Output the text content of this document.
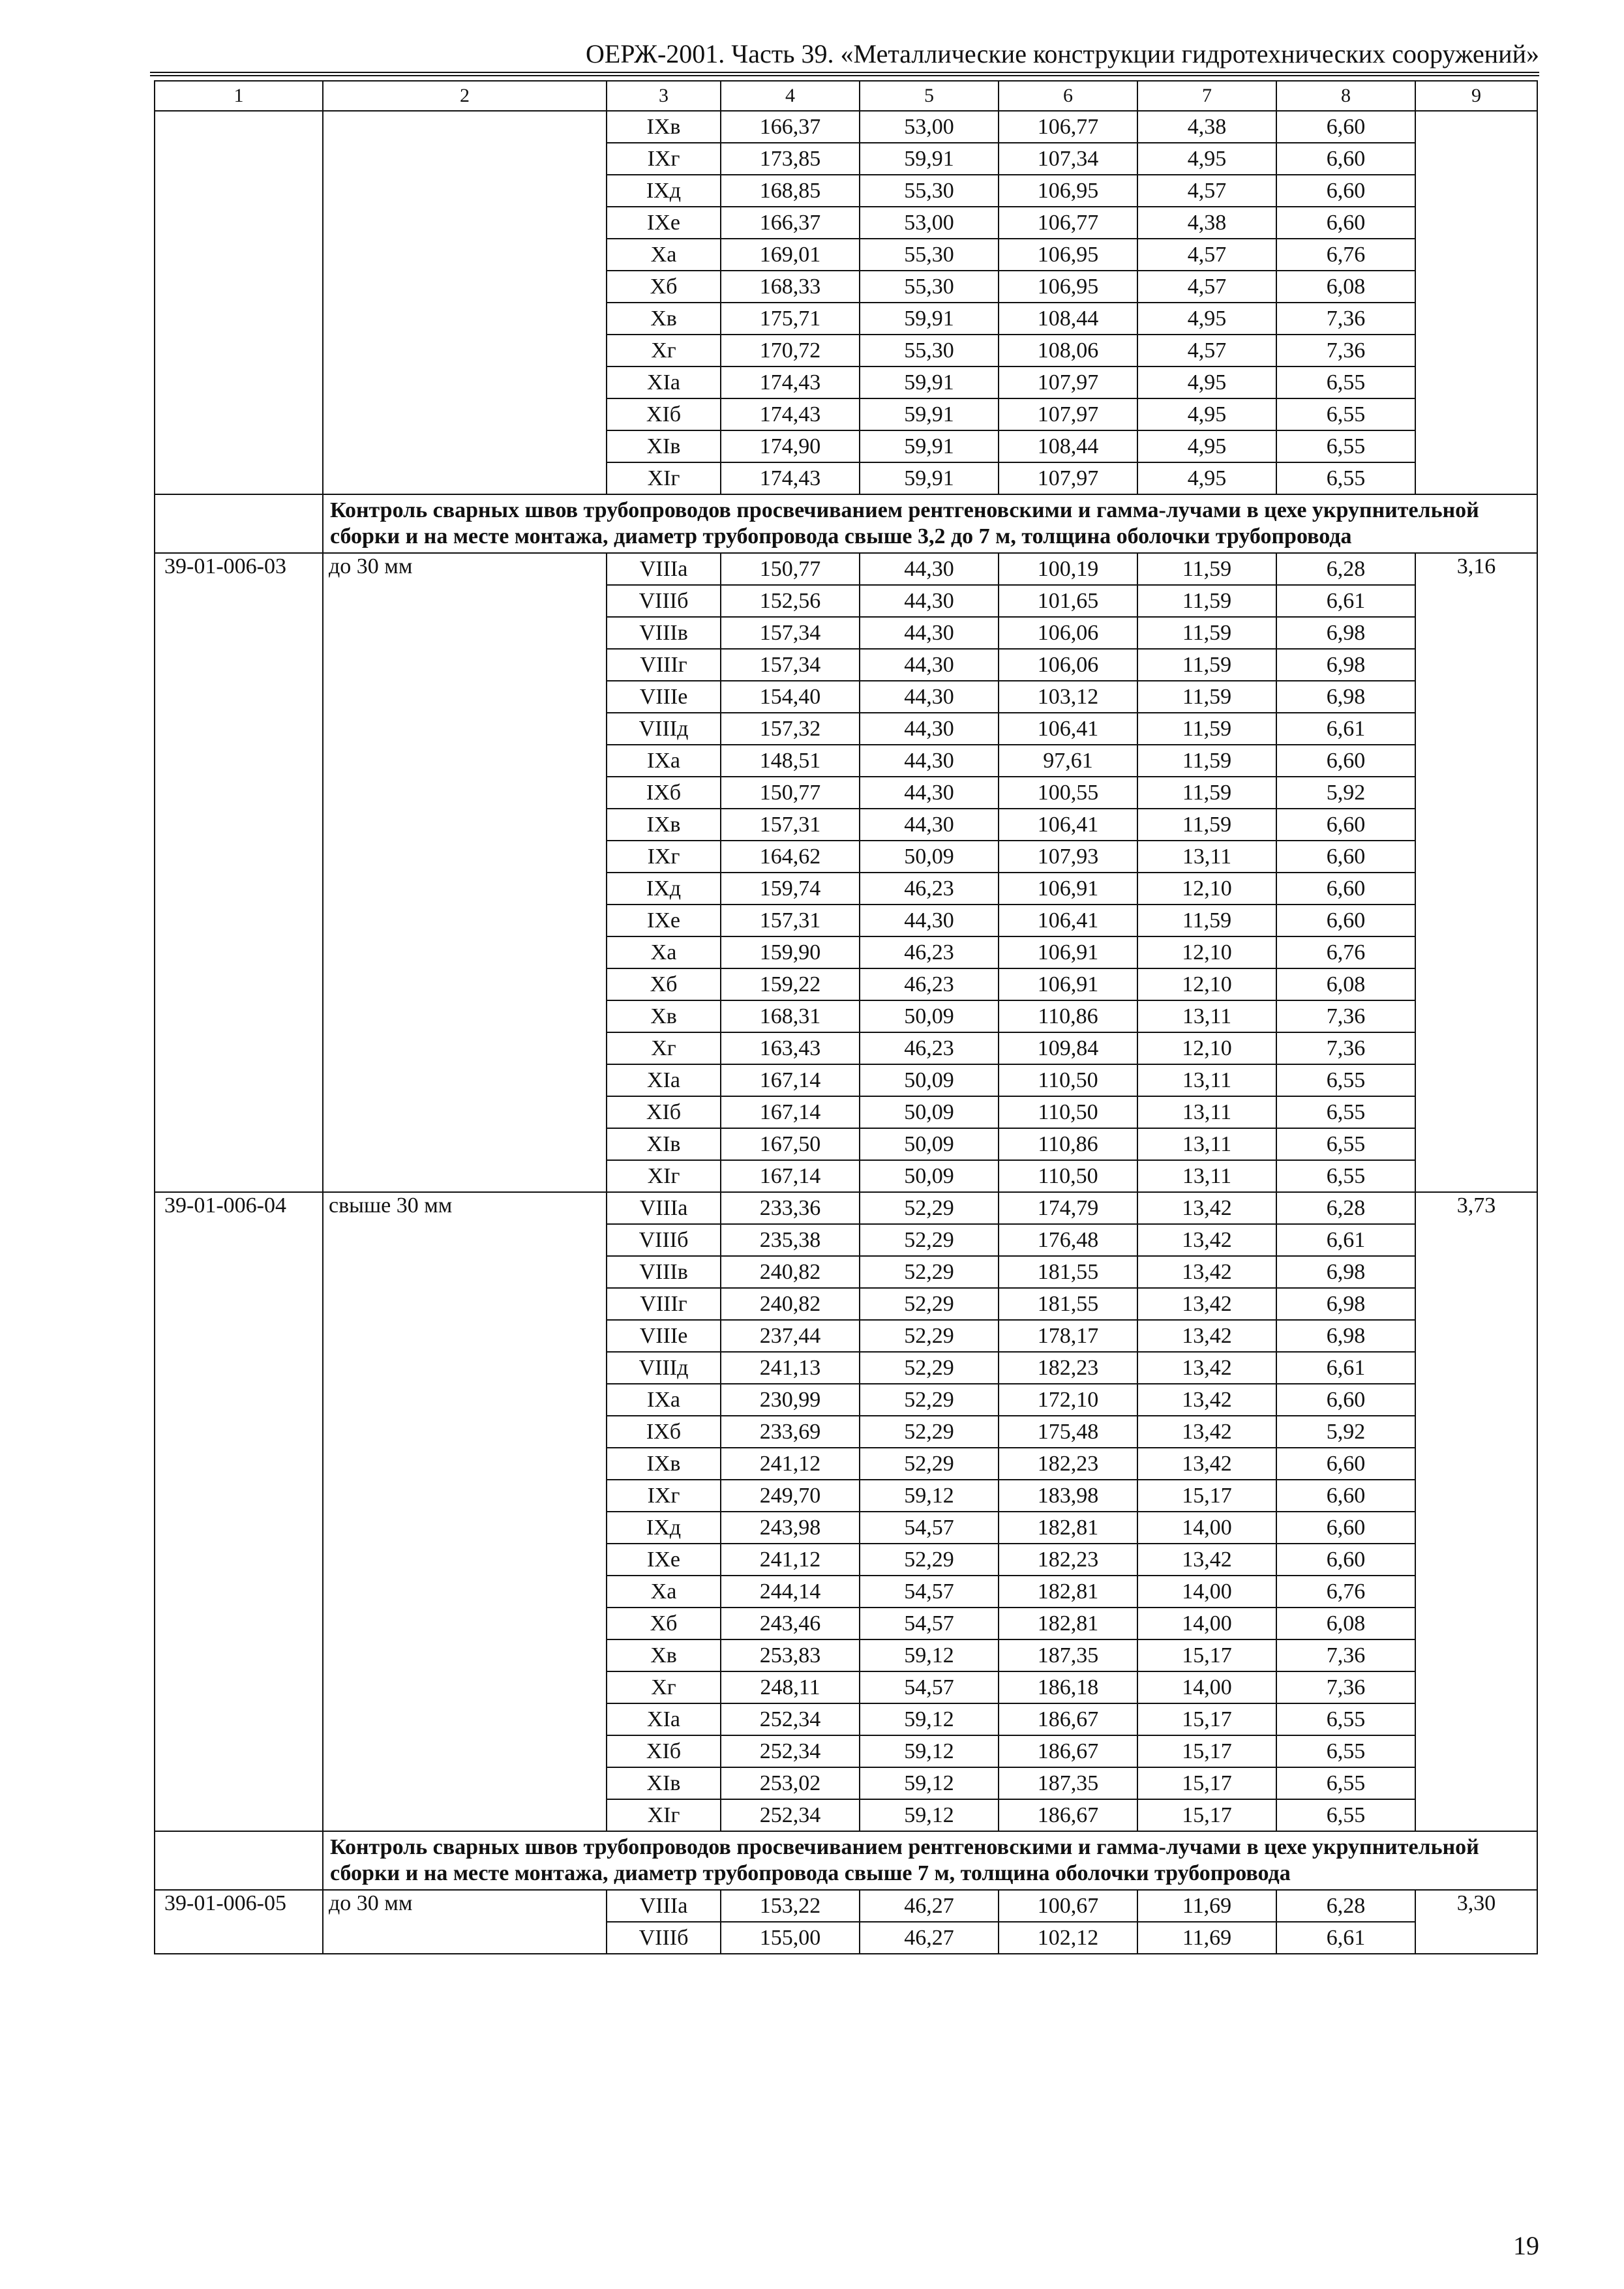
ОЕРЖ-2001. Часть 39. «Металлические конструкции гидротехнических сооружений»
1	2	3	4	5	6	7	8	9
		IXв	166,37	53,00	106,77	4,38	6,60	
		IXг	173,85	59,91	107,34	4,95	6,60	
		IXд	168,85	55,30	106,95	4,57	6,60	
		IXе	166,37	53,00	106,77	4,38	6,60	
		Xа	169,01	55,30	106,95	4,57	6,76	
		Xб	168,33	55,30	106,95	4,57	6,08	
		Xв	175,71	59,91	108,44	4,95	7,36	
		Xг	170,72	55,30	108,06	4,57	7,36	
		XIа	174,43	59,91	107,97	4,95	6,55	
		XIб	174,43	59,91	107,97	4,95	6,55	
		XIв	174,90	59,91	108,44	4,95	6,55	
		XIг	174,43	59,91	107,97	4,95	6,55	
	Контроль сварных швов трубопроводов просвечиванием рентгеновскими и гамма-лучами в цехе укрупнительной сборки и на месте монтажа, диаметр трубопровода свыше 3,2 до 7 м, толщина оболочки трубопровода							
39-01-006-03	до 30 мм	VIIIа	150,77	44,30	100,19	11,59	6,28	3,16
		VIIIб	152,56	44,30	101,65	11,59	6,61	
		VIIIв	157,34	44,30	106,06	11,59	6,98	
		VIIIг	157,34	44,30	106,06	11,59	6,98	
		VIIIе	154,40	44,30	103,12	11,59	6,98	
		VIIIд	157,32	44,30	106,41	11,59	6,61	
		IXа	148,51	44,30	97,61	11,59	6,60	
		IXб	150,77	44,30	100,55	11,59	5,92	
		IXв	157,31	44,30	106,41	11,59	6,60	
		IXг	164,62	50,09	107,93	13,11	6,60	
		IXд	159,74	46,23	106,91	12,10	6,60	
		IXе	157,31	44,30	106,41	11,59	6,60	
		Xа	159,90	46,23	106,91	12,10	6,76	
		Xб	159,22	46,23	106,91	12,10	6,08	
		Xв	168,31	50,09	110,86	13,11	7,36	
		Xг	163,43	46,23	109,84	12,10	7,36	
		XIа	167,14	50,09	110,50	13,11	6,55	
		XIб	167,14	50,09	110,50	13,11	6,55	
		XIв	167,50	50,09	110,86	13,11	6,55	
		XIг	167,14	50,09	110,50	13,11	6,55	
39-01-006-04	свыше 30 мм	VIIIа	233,36	52,29	174,79	13,42	6,28	3,73
		VIIIб	235,38	52,29	176,48	13,42	6,61	
		VIIIв	240,82	52,29	181,55	13,42	6,98	
		VIIIг	240,82	52,29	181,55	13,42	6,98	
		VIIIе	237,44	52,29	178,17	13,42	6,98	
		VIIIд	241,13	52,29	182,23	13,42	6,61	
		IXа	230,99	52,29	172,10	13,42	6,60	
		IXб	233,69	52,29	175,48	13,42	5,92	
		IXв	241,12	52,29	182,23	13,42	6,60	
		IXг	249,70	59,12	183,98	15,17	6,60	
		IXд	243,98	54,57	182,81	14,00	6,60	
		IXе	241,12	52,29	182,23	13,42	6,60	
		Xа	244,14	54,57	182,81	14,00	6,76	
		Xб	243,46	54,57	182,81	14,00	6,08	
		Xв	253,83	59,12	187,35	15,17	7,36	
		Xг	248,11	54,57	186,18	14,00	7,36	
		XIа	252,34	59,12	186,67	15,17	6,55	
		XIб	252,34	59,12	186,67	15,17	6,55	
		XIв	253,02	59,12	187,35	15,17	6,55	
		XIг	252,34	59,12	186,67	15,17	6,55	
	Контроль сварных швов трубопроводов просвечиванием рентгеновскими и гамма-лучами в цехе укрупнительной сборки и на месте монтажа, диаметр трубопровода свыше 7 м, толщина оболочки трубопровода							
39-01-006-05	до 30 мм	VIIIа	153,22	46,27	100,67	11,69	6,28	3,30
		VIIIб	155,00	46,27	102,12	11,69	6,61	
19
